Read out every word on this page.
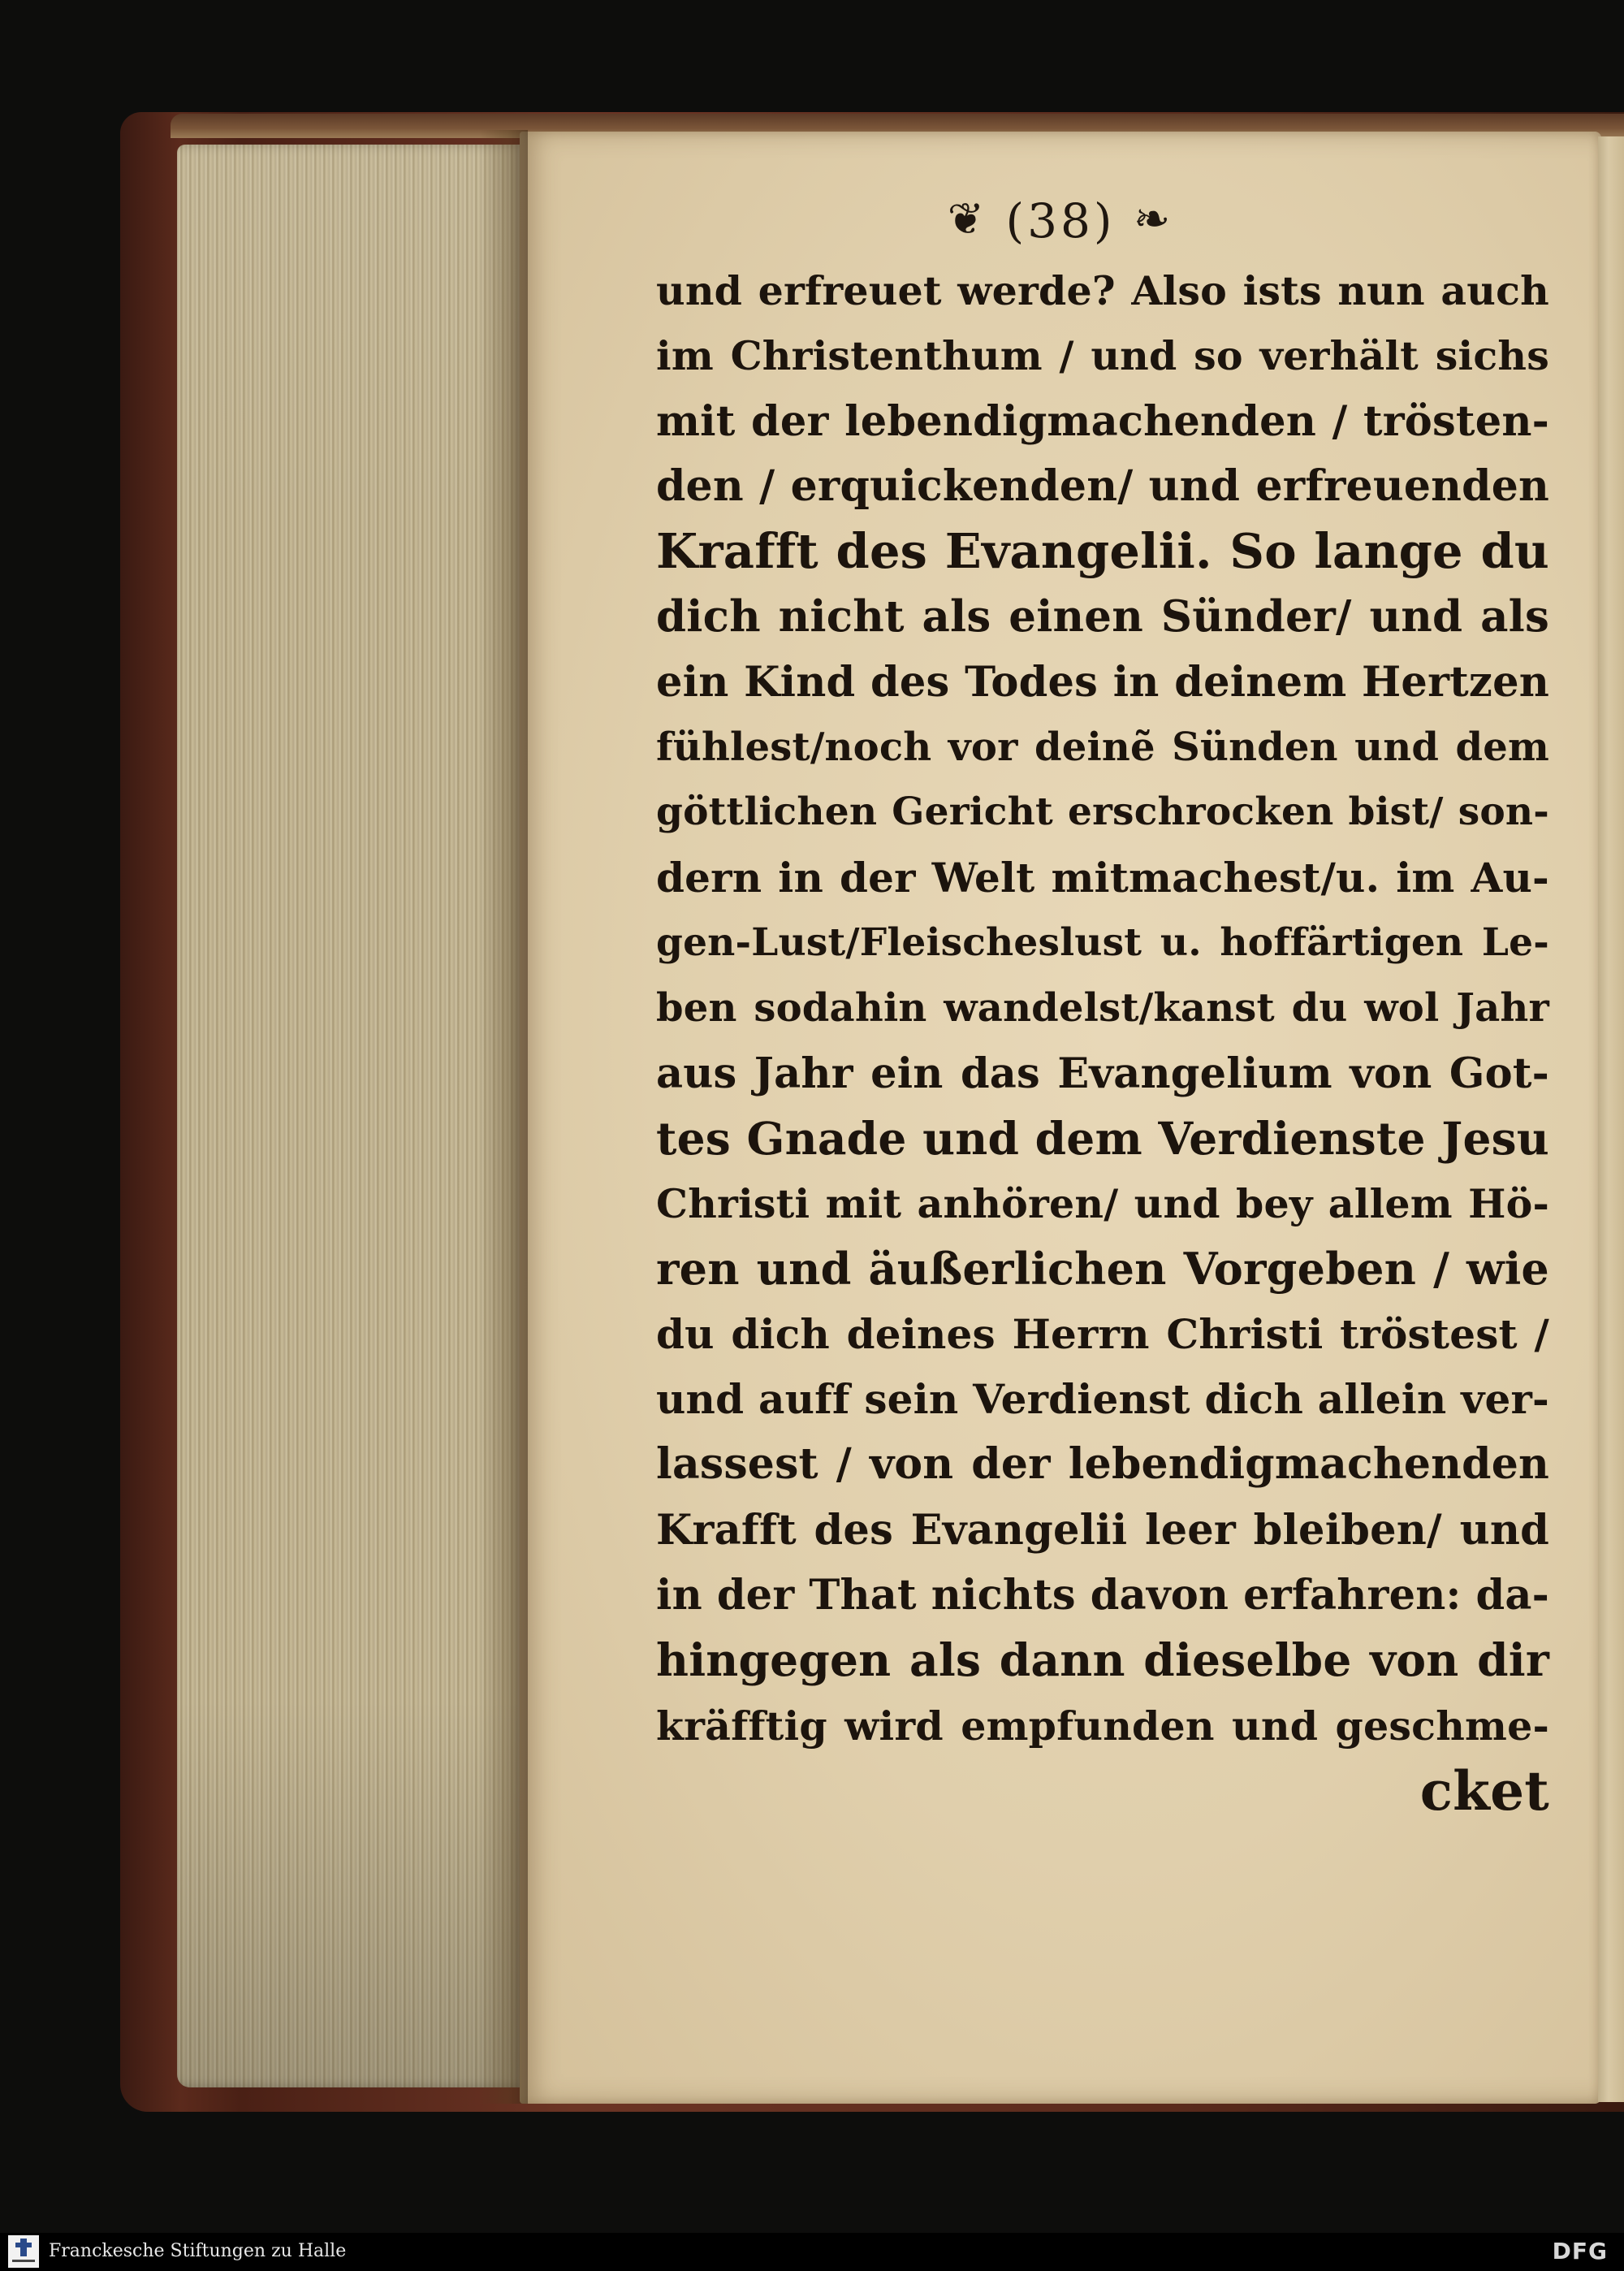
❦ (38) ❧
und erfreuet werde? Also ists nun auch
im Christenthum / und so verhält sichs
mit der lebendigmachenden / trösten-
den / erquickenden/ und erfreuenden
Krafft des Evangelii. So lange du
dich nicht als einen Sünder/ und als
ein Kind des Todes in deinem Hertzen
fühlest/noch vor deinẽ Sünden und dem
göttlichen Gericht erschrocken bist/ son-
dern in der Welt mitmachest/u. im Au-
gen-Lust/Fleischeslust u. hoffärtigen Le-
ben sodahin wandelst/kanst du wol Jahr
aus Jahr ein das Evangelium von Got-
tes Gnade und dem Verdienste Jesu
Christi mit anhören/ und bey allem Hö-
ren und äußerlichen Vorgeben / wie
du dich deines Herrn Christi tröstest /
und auff sein Verdienst dich allein ver-
lassest / von der lebendigmachenden
Krafft des Evangelii leer bleiben/ und
in der That nichts davon erfahren: da-
hingegen als dann dieselbe von dir
kräfftig wird empfunden und geschme-
cket
Franckesche Stiftungen zu Halle	DFG
